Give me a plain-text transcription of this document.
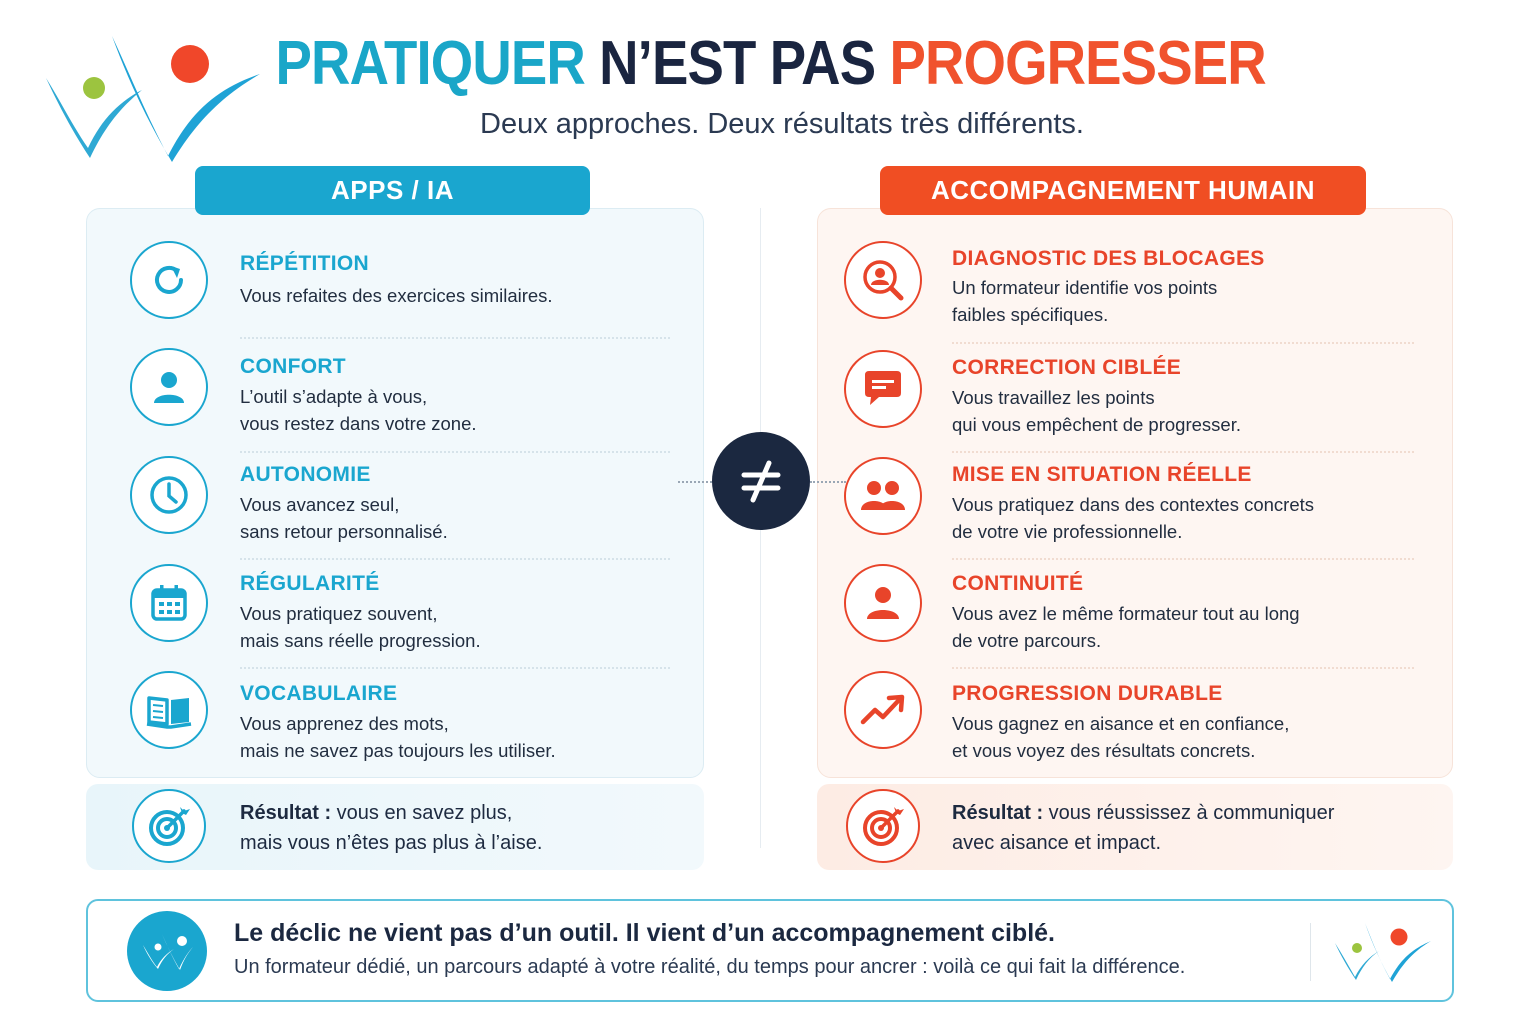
PRATIQUER N’EST PAS PROGRESSER
Deux approches. Deux résultats très différents.
APPS / IA	ACCOMPAGNEMENT HUMAIN
RÉPÉTITION
Vous refaites des exercices similaires.
CONFORT
L’outil s’adapte à vous,
vous restez dans votre zone.
AUTONOMIE
Vous avancez seul,
sans retour personnalisé.
RÉGULARITÉ
Vous pratiquez souvent,
mais sans réelle progression.
VOCABULAIRE
Vous apprenez des mots,
mais ne savez pas toujours les utiliser.
DIAGNOSTIC DES BLOCAGES
Un formateur identifie vos points
faibles spécifiques.
CORRECTION CIBLÉE
Vous travaillez les points
qui vous empêchent de progresser.
MISE EN SITUATION RÉELLE
Vous pratiquez dans des contextes concrets
de votre vie professionnelle.
CONTINUITÉ
Vous avez le même formateur tout au long
de votre parcours.
PROGRESSION DURABLE
Vous gagnez en aisance et en confiance,
et vous voyez des résultats concrets.
Résultat : vous en savez plus,
mais vous n’êtes pas plus à l’aise.
Résultat : vous réussissez à communiquer
avec aisance et impact.
Le déclic ne vient pas d’un outil. Il vient d’un accompagnement ciblé.
Un formateur dédié, un parcours adapté à votre réalité, du temps pour ancrer : voilà ce qui fait la différence.
